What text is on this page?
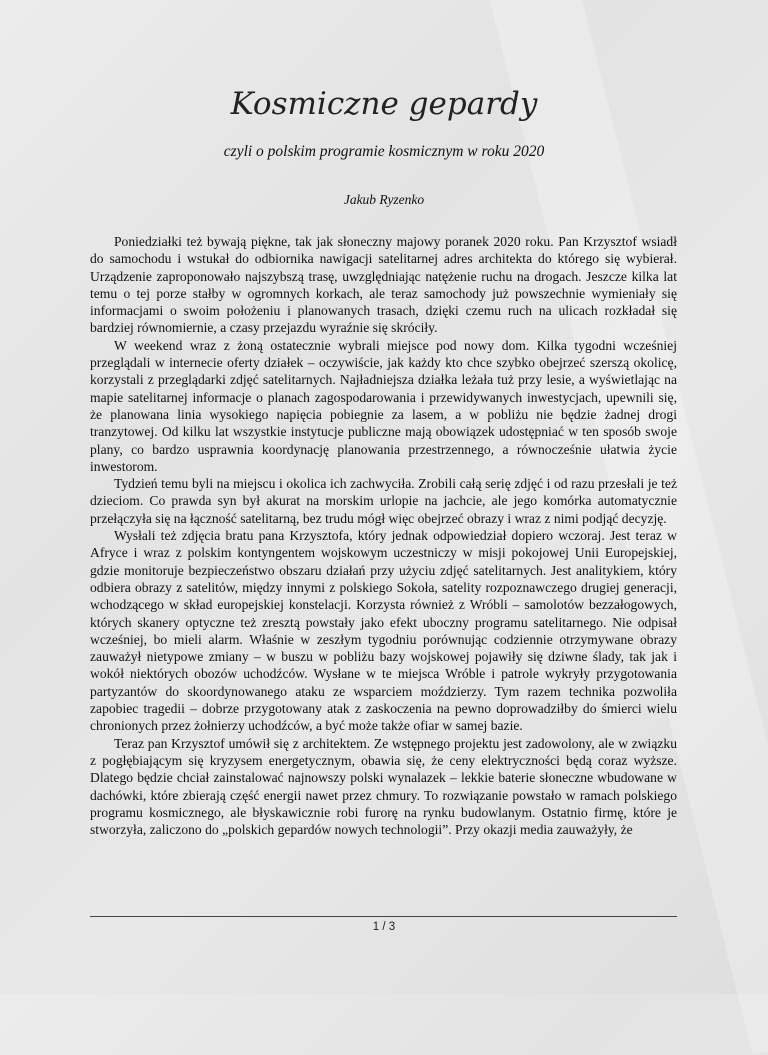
Kosmiczne gepardy

czyli o polskim programie kosmicznym w roku 2020

Jakub Ryzenko

Poniedziałki też bywają piękne, tak jak słoneczny majowy poranek 2020 roku. Pan Krzysztof wsiadł do samochodu i wstukał do odbiornika nawigacji satelitarnej adres architekta do którego się wybierał. Urządzenie zaproponowało najszybszą trasę, uwzględniając natężenie ruchu na drogach. Jeszcze kilka lat temu o tej porze stałby w ogromnych korkach, ale teraz samochody już powszechnie wymieniały się informacjami o swoim położeniu i planowanych trasach, dzięki czemu ruch na ulicach rozkładał się bardziej równomiernie, a czasy przejazdu wyraźnie się skróciły.

W weekend wraz z żoną ostatecznie wybrali miejsce pod nowy dom. Kilka tygodni wcześniej przeglądali w internecie oferty działek – oczywiście, jak każdy kto chce szybko obejrzeć szerszą okolicę, korzystali z przeglądarki zdjęć satelitarnych. Najładniejsza działka leżała tuż przy lesie, a wyświetlając na mapie satelitarnej informacje o planach zagospodarowania i przewidywanych inwestycjach, upewnili się, że planowana linia wysokiego napięcia pobiegnie za lasem, a w pobliżu nie będzie żadnej drogi tranzytowej. Od kilku lat wszystkie instytucje publiczne mają obowiązek udostępniać w ten sposób swoje plany, co bardzo usprawnia koordynację planowania przestrzennego, a równocześnie ułatwia życie inwestorom.

Tydzień temu byli na miejscu i okolica ich zachwyciła. Zrobili całą serię zdjęć i od razu przesłali je też dzieciom. Co prawda syn był akurat na morskim urlopie na jachcie, ale jego komórka automatycznie przełączyła się na łączność satelitarną, bez trudu mógł więc obejrzeć obrazy i wraz z nimi podjąć decyzję.

Wysłali też zdjęcia bratu pana Krzysztofa, który jednak odpowiedział dopiero wczoraj. Jest teraz w Afryce i wraz z polskim kontyngentem wojskowym uczestniczy w misji pokojowej Unii Europejskiej, gdzie monitoruje bezpieczeństwo obszaru działań przy użyciu zdjęć satelitarnych. Jest analitykiem, który odbiera obrazy z satelitów, między innymi z polskiego Sokoła, satelity rozpoznawczego drugiej generacji, wchodzącego w skład europejskiej konstelacji. Korzysta również z Wróbli – samolotów bezzałogowych, których skanery optyczne też zresztą powstały jako efekt uboczny programu satelitarnego. Nie odpisał wcześniej, bo mieli alarm. Właśnie w zeszłym tygodniu porównując codziennie otrzymywane obrazy zauważył nietypowe zmiany – w buszu w pobliżu bazy wojskowej pojawiły się dziwne ślady, tak jak i wokół niektórych obozów uchodźców. Wysłane w te miejsca Wróble i patrole wykryły przygotowania partyzantów do skoordynowanego ataku ze wsparciem moździerzy. Tym razem technika pozwoliła zapobiec tragedii – dobrze przygotowany atak z zaskoczenia na pewno doprowadziłby do śmierci wielu chronionych przez żołnierzy uchodźców, a być może także ofiar w samej bazie.

Teraz pan Krzysztof umówił się z architektem. Ze wstępnego projektu jest zadowolony, ale w związku z pogłębiającym się kryzysem energetycznym, obawia się, że ceny elektryczności będą coraz wyższe. Dlatego będzie chciał zainstalować najnowszy polski wynalazek – lekkie baterie słoneczne wbudowane w dachówki, które zbierają część energii nawet przez chmury. To rozwiązanie powstało w ramach polskiego programu kosmicznego, ale błyskawicznie robi furorę na rynku budowlanym. Ostatnio firmę, które je stworzyła, zaliczono do „polskich gepardów nowych technologii”. Przy okazji media zauważyły, że

1 / 3
